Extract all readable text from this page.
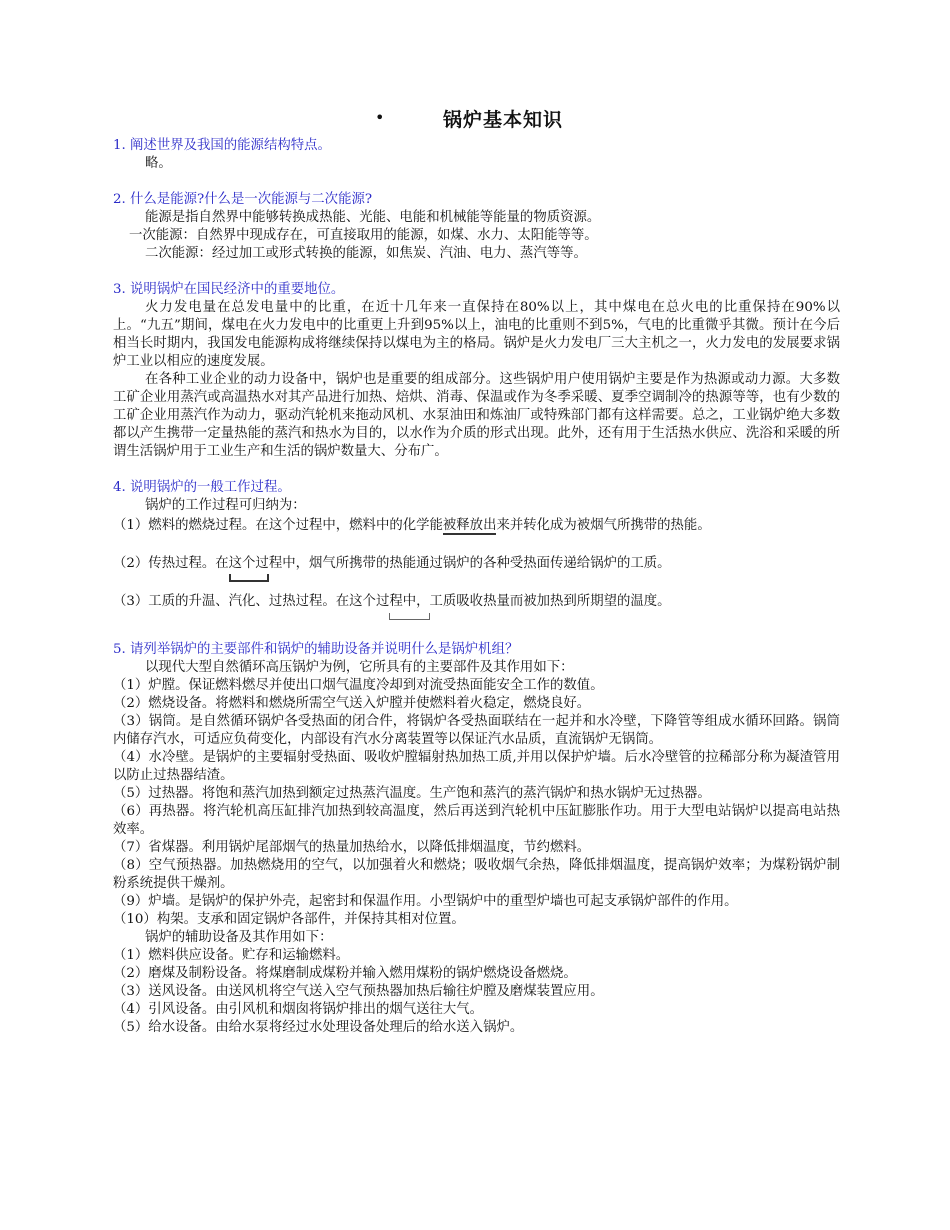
•	锅炉基本知识

1. 阐述世界及我国的能源结构特点。

略。

2. 什么是能源?什么是一次能源与二次能源?

能源是指自然界中能够转换成热能、光能、电能和机械能等能量的物质资源。

一次能源：自然界中现成存在，可直接取用的能源，如煤、水力、太阳能等等。

二次能源：经过加工或形式转换的能源，如焦炭、汽油、电力、蒸汽等等。

3. 说明锅炉在国民经济中的重要地位。

火力发电量在总发电量中的比重，在近十几年来一直保持在80%以上，其中煤电在总火电的比重保持在90%以上。“九五”期间，煤电在火力发电中的比重更上升到95%以上，油电的比重则不到5%，气电的比重微乎其微。预计在今后相当长时期内，我国发电能源构成将继续保持以煤电为主的格局。锅炉是火力发电厂三大主机之一，火力发电的发展要求锅炉工业以相应的速度发展。

在各种工业企业的动力设备中，锅炉也是重要的组成部分。这些锅炉用户使用锅炉主要是作为热源或动力源。大多数工矿企业用蒸汽或高温热水对其产品进行加热、焙烘、消毒、保温或作为冬季采暖、夏季空调制冷的热源等等，也有少数的工矿企业用蒸汽作为动力，驱动汽轮机来拖动风机、水泵油田和炼油厂或特殊部门都有这样需要。总之，工业锅炉绝大多数都以产生携带一定量热能的蒸汽和热水为目的，以水作为介质的形式出现。此外，还有用于生活热水供应、洗浴和采暖的所谓生活锅炉用于工业生产和生活的锅炉数量大、分布广。

4. 说明锅炉的一般工作过程。

锅炉的工作过程可归纳为：

（1）燃料的燃烧过程。在这个过程中，燃料中的化学能被释放出来并转化成为被烟气所携带的热能。

（2）传热过程。在这个过
程中，烟气所携带的热能通过锅炉的各种受热面传递给锅炉的工质。

（3）工质的升温、汽化、过热过程。在这个过程中，
工质吸收热量而被加热到所期望的温度。

5. 请列举锅炉的主要部件和锅炉的辅助设备并说明什么是锅炉机组？

以现代大型自然循环高压锅炉为例，它所具有的主要部件及其作用如下：

（1）炉膛。保证燃料燃尽并使出口烟气温度冷却到对流受热面能安全工作的数值。

（2）燃烧设备。将燃料和燃烧所需空气送入炉膛并使燃料着火稳定，燃烧良好。

（3）锅筒。是自然循环锅炉各受热面的闭合件，将锅炉各受热面联结在一起并和水冷壁，下降管等组成水循环回路。锅筒内储存汽水，可适应负荷变化，内部设有汽水分离装置等以保证汽水品质，直流锅炉无锅筒。

（4）水冷壁。是锅炉的主要辐射受热面、吸收炉膛辐射热加热工质,并用以保护炉墙。后水冷壁管的拉稀部分称为凝渣管用以防止过热器结渣。

（5）过热器。将饱和蒸汽加热到额定过热蒸汽温度。生产饱和蒸汽的蒸汽锅炉和热水锅炉无过热器。

（6）再热器。将汽轮机高压缸排汽加热到较高温度，然后再送到汽轮机中压缸膨胀作功。用于大型电站锅炉以提高电站热效率。

（7）省煤器。利用锅炉尾部烟气的热量加热给水，以降低排烟温度，节约燃料。

（8）空气预热器。加热燃烧用的空气，以加强着火和燃烧；吸收烟气余热，降低排烟温度，提高锅炉效率；为煤粉锅炉制粉系统提供干燥剂。

（9）炉墙。是锅炉的保护外壳，起密封和保温作用。小型锅炉中的重型炉墙也可起支承锅炉部件的作用。

（10）构架。支承和固定锅炉各部件，并保持其相对位置。

锅炉的辅助设备及其作用如下：

（1）燃料供应设备。贮存和运输燃料。

（2）磨煤及制粉设备。将煤磨制成煤粉并输入燃用煤粉的锅炉燃烧设备燃烧。

（3）送风设备。由送风机将空气送入空气预热器加热后输往炉膛及磨煤装置应用。

（4）引风设备。由引风机和烟囱将锅炉排出的烟气送往大气。

（5）给水设备。由给水泵将经过水处理设备处理后的给水送入锅炉。
